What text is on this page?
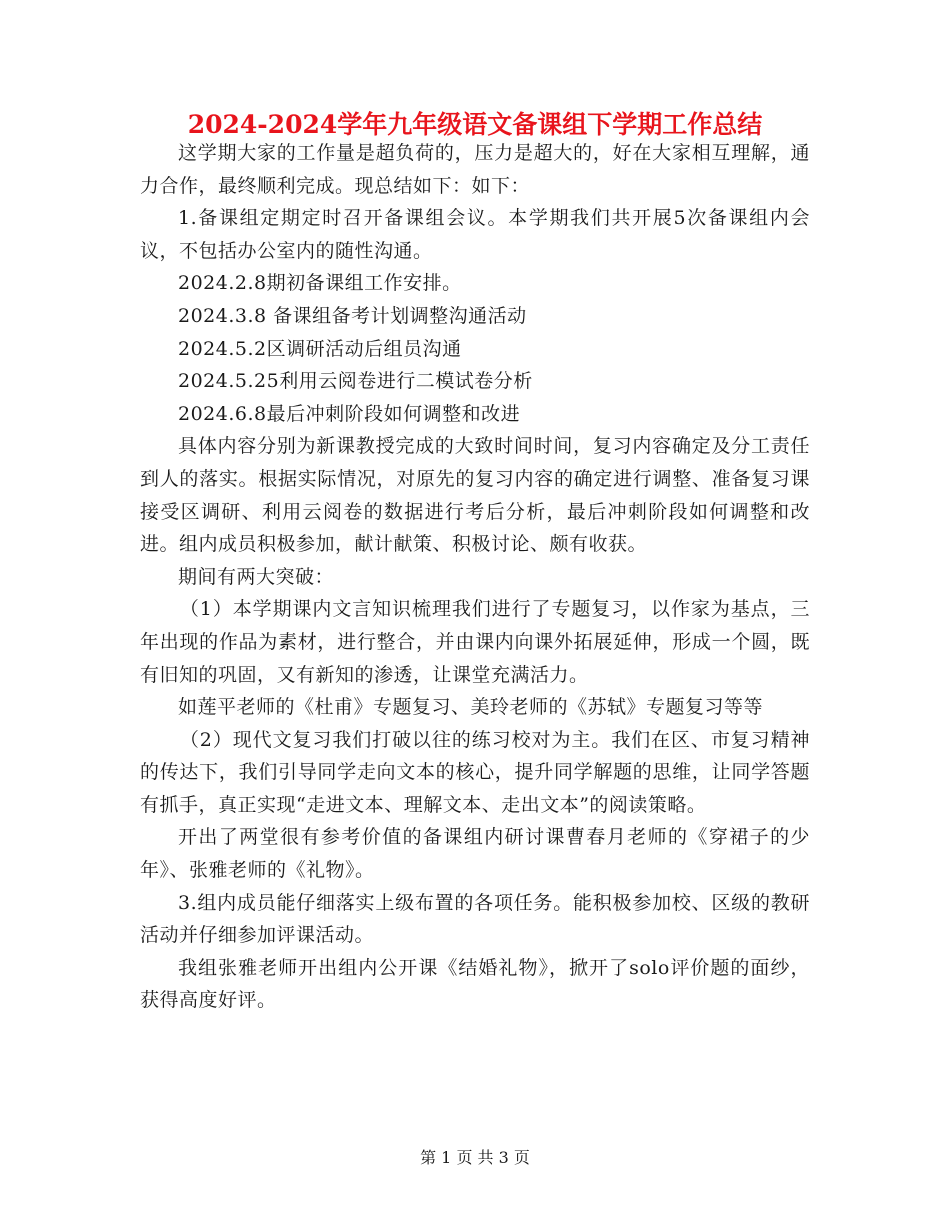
2024-2024学年九年级语文备课组下学期工作总结

这学期大家的工作量是超负荷的，压力是超大的，好在大家相互理解，通力合作，最终顺利完成。现总结如下：如下：

1.备课组定期定时召开备课组会议。本学期我们共开展5次备课组内会议，不包括办公室内的随性沟通。

2024.2.8期初备课组工作安排。

2024.3.8 备课组备考计划调整沟通活动

2024.5.2区调研活动后组员沟通

2024.5.25利用云阅卷进行二模试卷分析

2024.6.8最后冲刺阶段如何调整和改进

具体内容分别为新课教授完成的大致时间时间，复习内容确定及分工责任到人的落实。根据实际情况，对原先的复习内容的确定进行调整、准备复习课接受区调研、利用云阅卷的数据进行考后分析，最后冲刺阶段如何调整和改进。组内成员积极参加，献计献策、积极讨论、颇有收获。

期间有两大突破：

（1）本学期课内文言知识梳理我们进行了专题复习，以作家为基点，三年出现的作品为素材，进行整合，并由课内向课外拓展延伸，形成一个圆，既有旧知的巩固，又有新知的渗透，让课堂充满活力。

如莲平老师的《杜甫》专题复习、美玲老师的《苏轼》专题复习等等

（2）现代文复习我们打破以往的练习校对为主。我们在区、市复习精神的传达下，我们引导同学走向文本的核心，提升同学解题的思维，让同学答题有抓手，真正实现“走进文本、理解文本、走出文本”的阅读策略。

开出了两堂很有参考价值的备课组内研讨课曹春月老师的《穿裙子的少年》、张雅老师的《礼物》。

3.组内成员能仔细落实上级布置的各项任务。能积极参加校、区级的教研活动并仔细参加评课活动。

我组张雅老师开出组内公开课《结婚礼物》，掀开了solo评价题的面纱，获得高度好评。

第 1 页 共 3 页
